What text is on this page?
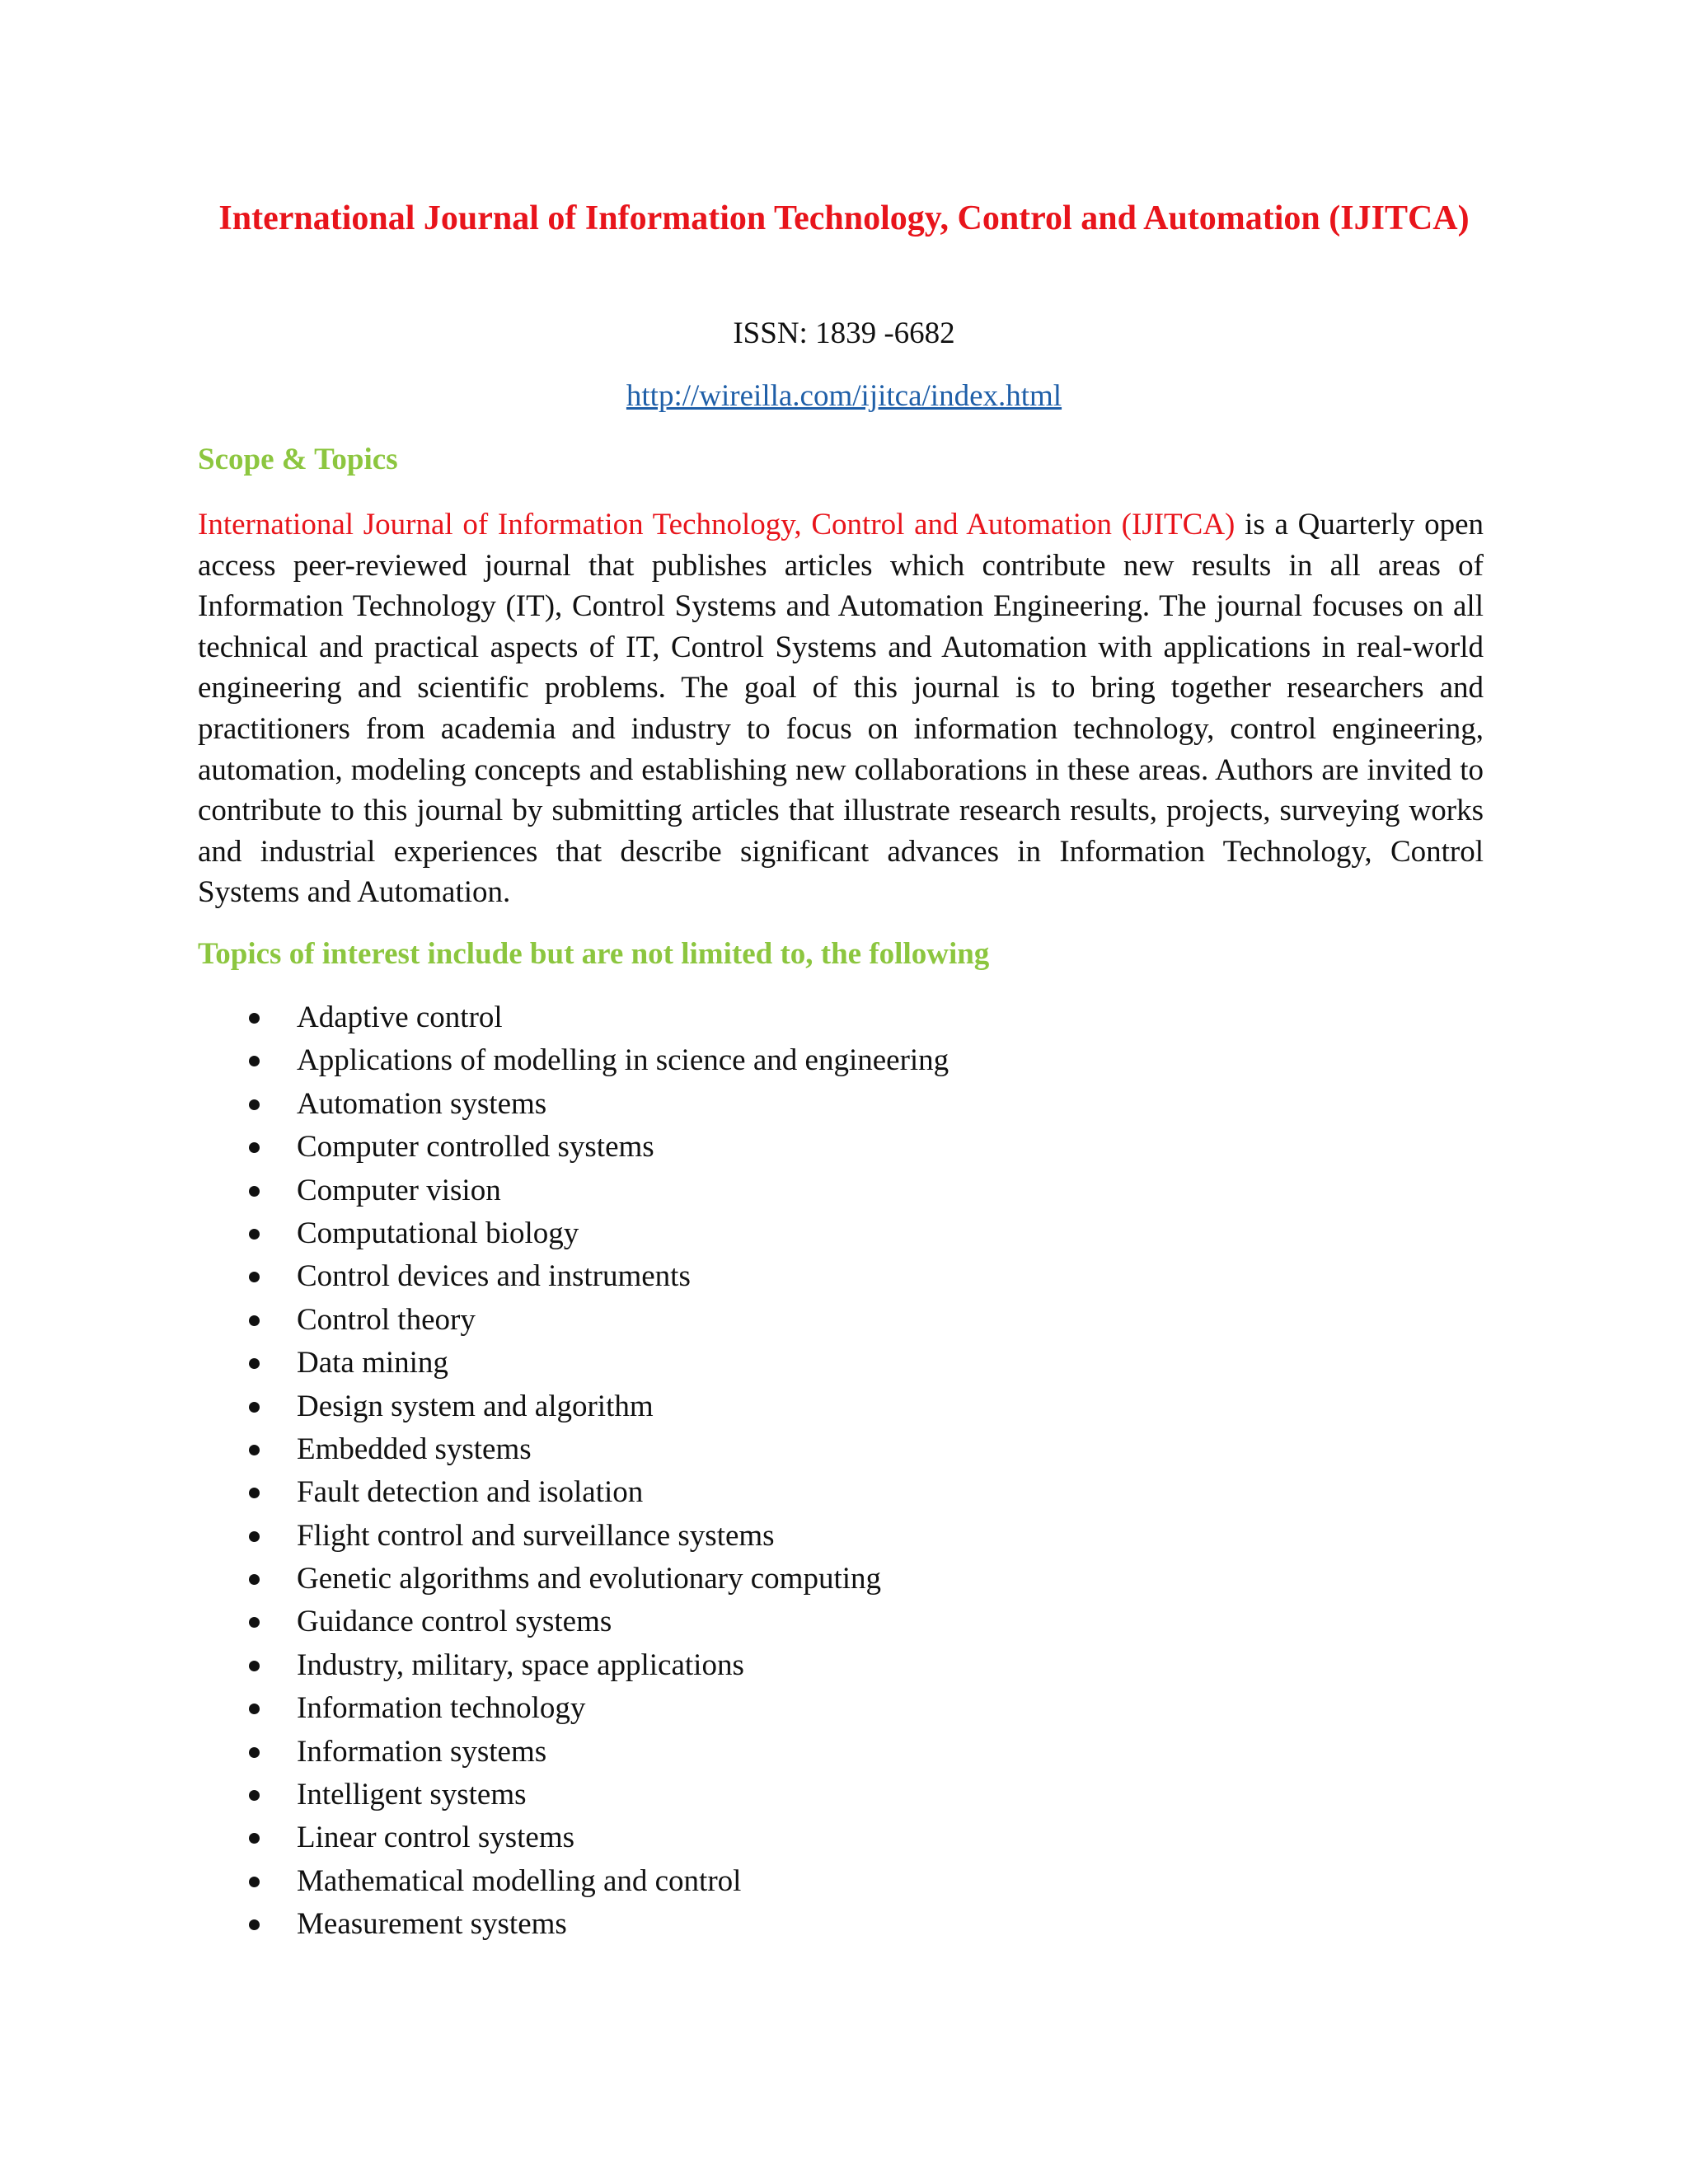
International Journal of Information Technology, Control and Automation (IJITCA)
ISSN: 1839 -6682
http://wireilla.com/ijitca/index.html
Scope & Topics

International Journal of Information Technology, Control and Automation (IJITCA) is a Quarterly open access peer-reviewed journal that publishes articles which contribute new results in all areas of Information Technology (IT), Control Systems and Automation Engineering. The journal focuses on all technical and practical aspects of IT, Control Systems and Automation with applications in real-world engineering and scientific problems. The goal of this journal is to bring together researchers and practitioners from academia and industry to focus on information technology, control engineering, automation, modeling concepts and establishing new collaborations in these areas. Authors are invited to contribute to this journal by submitting articles that illustrate research results, projects, surveying works and industrial experiences that describe significant advances in Information Technology, Control Systems and Automation.

Topics of interest include but are not limited to, the following
Adaptive control
Applications of modelling in science and engineering
Automation systems
Computer controlled systems
Computer vision
Computational biology
Control devices and instruments
Control theory
Data mining
Design system and algorithm
Embedded systems
Fault detection and isolation
Flight control and surveillance systems
Genetic algorithms and evolutionary computing
Guidance control systems
Industry, military, space applications
Information technology
Information systems
Intelligent systems
Linear control systems
Mathematical modelling and control
Measurement systems
